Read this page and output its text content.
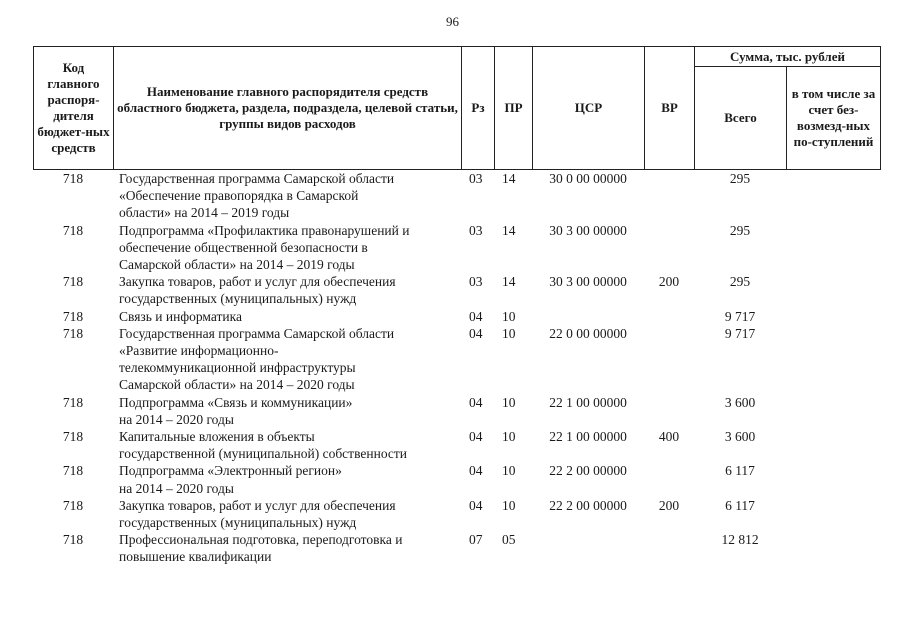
96
Код главного распоря-дителя бюджет-ных средств	Наименование главного распорядителя средств областного бюджета, раздела, подраздела, целевой статьи, группы видов расходов	Рз	ПР	ЦСР	ВР	Сумма, тыс. рублей	
						Всего	в том числе за счет без-возмезд-ных по-ступлений
718	Государственная программа Самарской области
«Обеспечение правопорядка в Самарской
области» на 2014 – 2019 годы	03	14	30 0 00 00000		295	
718	Подпрограмма «Профилактика правонарушений и
обеспечение общественной безопасности в
Самарской области» на 2014 – 2019 годы	03	14	30 3 00 00000		295	
718	Закупка товаров, работ и услуг для обеспечения
государственных (муниципальных) нужд	03	14	30 3 00 00000	200	295	
718	Связь и информатика	04	10			9 717	
718	Государственная программа Самарской области
«Развитие информационно-
телекоммуникационной инфраструктуры
Самарской области» на 2014 – 2020 годы	04	10	22 0 00 00000		9 717	
718	Подпрограмма «Связь и коммуникации»
на 2014 – 2020 годы	04	10	22 1 00 00000		3 600	
718	Капитальные вложения в объекты
государственной (муниципальной) собственности	04	10	22 1 00 00000	400	3 600	
718	Подпрограмма «Электронный регион»
на 2014 – 2020 годы	04	10	22 2 00 00000		6 117	
718	Закупка товаров, работ и услуг для обеспечения
государственных (муниципальных) нужд	04	10	22 2 00 00000	200	6 117	
718	Профессиональная подготовка, переподготовка и
повышение квалификации	07	05			12 812	
